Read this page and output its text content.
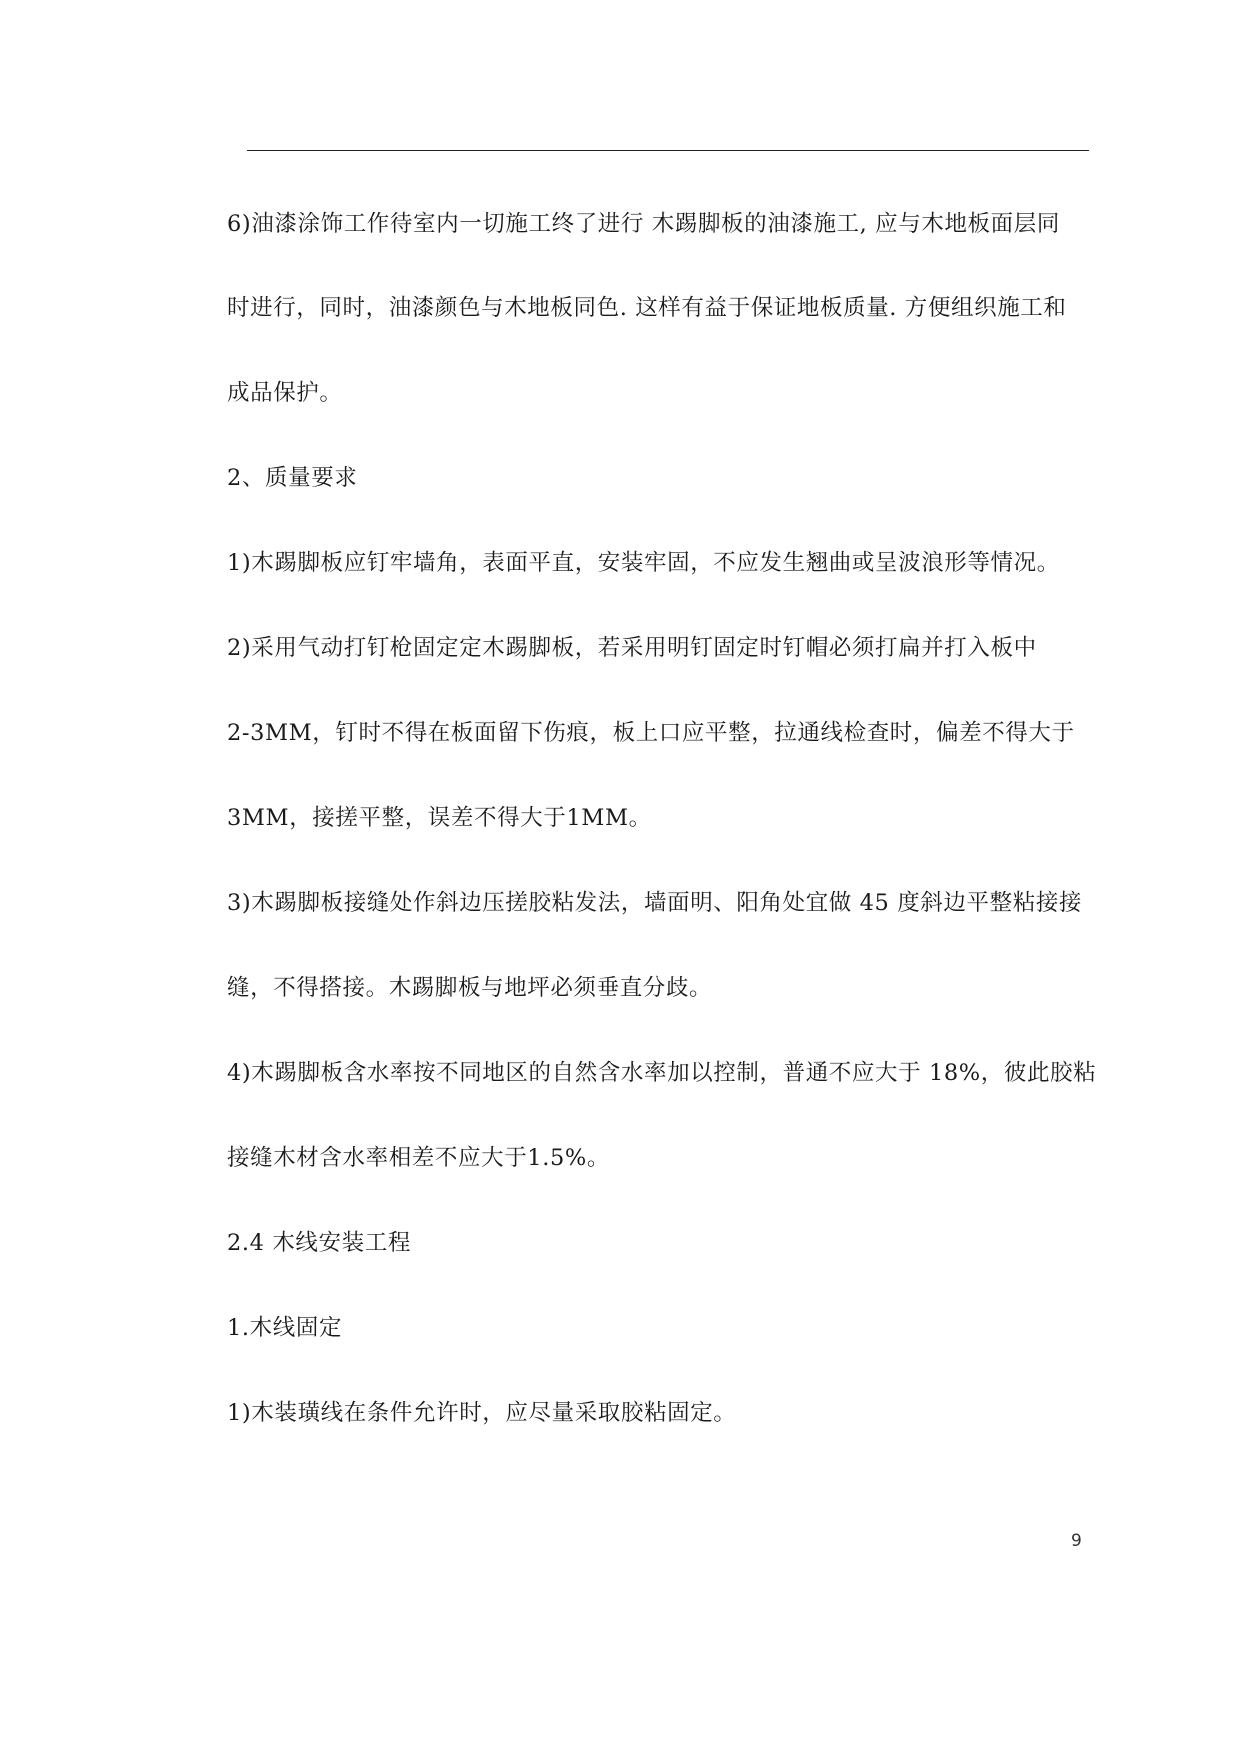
6)油漆涂饰工作待室内一切施工终了进行 木踢脚板的油漆施工, 应与木地板面层同
时进行，同时，油漆颜色与木地板同色. 这样有益于保证地板质量. 方便组织施工和
成品保护。
2、质量要求
1)木踢脚板应钉牢墙角，表面平直，安装牢固，不应发生翘曲或呈波浪形等情况。
2)采用气动打钉枪固定定木踢脚板，若采用明钉固定时钉帽必须打扁并打入板中
2-3MM，钉时不得在板面留下伤痕，板上口应平整，拉通线检查时，偏差不得大于
3MM，接搓平整，误差不得大于1MM。
3)木踢脚板接缝处作斜边压搓胶粘发法，墙面明、阳角处宜做 45 度斜边平整粘接接
缝，不得搭接。木踢脚板与地坪必须垂直分歧。
4)木踢脚板含水率按不同地区的自然含水率加以控制，普通不应大于 18%，彼此胶粘
接缝木材含水率相差不应大于1.5%。
2.4 木线安装工程
1.木线固定
1)木装璜线在条件允许时，应尽量采取胶粘固定。
9
